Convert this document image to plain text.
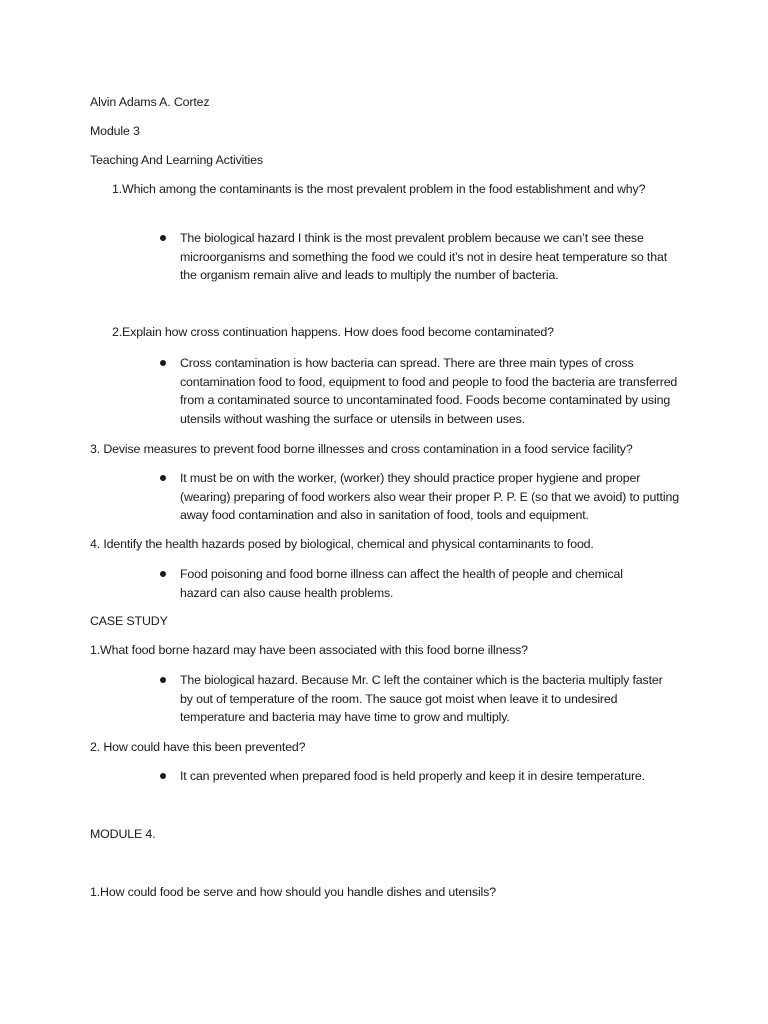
Alvin Adams A. Cortez
Module 3
Teaching And Learning Activities
1.Which among the contaminants is the most prevalent problem in the food establishment and why?
The biological hazard I think is the most prevalent problem because we can’t see these microorganisms and something the food we could it’s not in desire heat temperature so that the organism remain alive and leads to multiply the number of bacteria.
2.Explain how cross continuation happens. How does food become contaminated?
Cross contamination is how bacteria can spread. There are three main types of cross contamination food to food, equipment to food and people to food the bacteria are transferred from a contaminated source to uncontaminated food. Foods become contaminated by using utensils without washing the surface or utensils in between uses.
3. Devise measures to prevent food borne illnesses and cross contamination in a food service facility?
It must be on with the worker, (worker) they should practice proper hygiene and proper (wearing) preparing of food workers also wear their proper P. P. E (so that we avoid) to putting away food contamination and also in sanitation of food, tools and equipment.
4. Identify the health hazards posed by biological, chemical and physical contaminants to food.
Food poisoning and food borne illness can affect the health of people and chemical hazard can also cause health problems.
CASE STUDY
1.What food borne hazard may have been associated with this food borne illness?
The biological hazard. Because Mr. C left the container which is the bacteria multiply faster by out of temperature of the room. The sauce got moist when leave it to undesired temperature and bacteria may have time to grow and multiply.
2. How could have this been prevented?
It can prevented when prepared food is held properly and keep it in desire temperature.
MODULE 4.
1.How could food be serve and how should you handle dishes and utensils?
